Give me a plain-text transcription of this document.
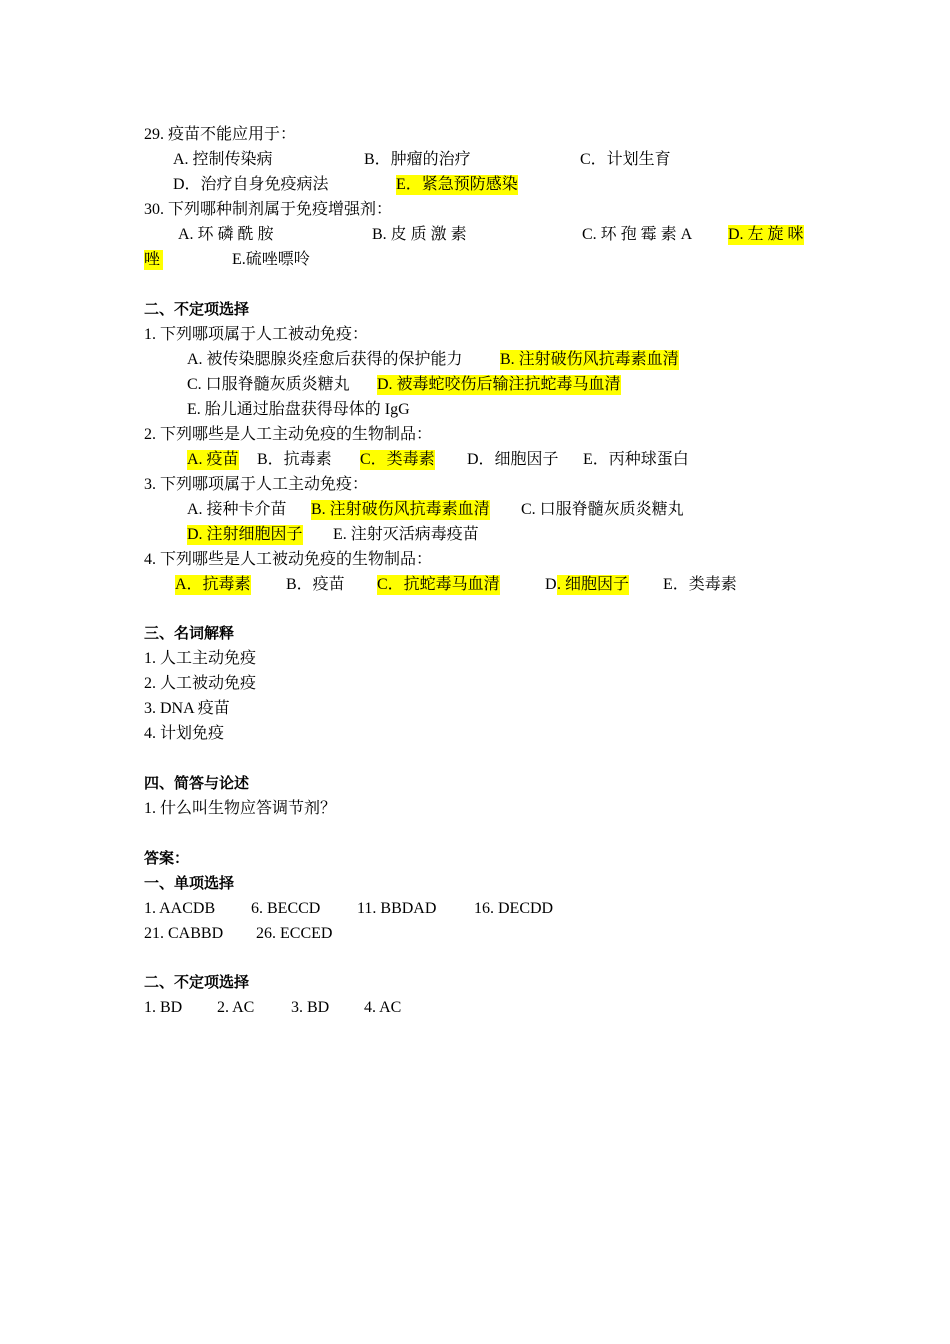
29. 疫苗不能应用于：

A. 控制传染病

	B．肿瘤的治疗

	C．计划生育

D．治疗自身免疫病法

	E．紧急预防感染

30. 下列哪种制剂属于免疫增强剂：

A. 环 磷 酰 胺

	B. 皮 质 激 素

	C. 环 孢 霉 素 A

D. 左 旋 咪

唑

	E.硫唑嘌呤

二、不定项选择
1. 下列哪项属于人工被动免疫：

A. 被传染腮腺炎痊愈后获得的保护能力

B. 注射破伤风抗毒素血清

C. 口服脊髓灰质炎糖丸

D. 被毒蛇咬伤后输注抗蛇毒马血清

E. 胎儿通过胎盘获得母体的 IgG

2. 下列哪些是人工主动免疫的生物制品：

A. 疫苗

B．抗毒素

C．类毒素

D．细胞因子

E．丙种球蛋白

3. 下列哪项属于人工主动免疫：

A. 接种卡介苗

B. 注射破伤风抗毒素血清

C. 口服脊髓灰质炎糖丸

D. 注射细胞因子

E. 注射灭活病毒疫苗

4. 下列哪些是人工被动免疫的生物制品：

A．抗毒素

B．疫苗

C．抗蛇毒马血清

	D

. 细胞因子

E．类毒素

三、名词解释
1. 人工主动免疫
2. 人工被动免疫
3. DNA 疫苗
4. 计划免疫
四、简答与论述
1. 什么叫生物应答调节剂？
答案：
一、单项选择

1. AACDB

6. BECCD

11. BBDAD

16. DECDD

21. CABBD

26. ECCED

二、不定项选择

1. BD

2. AC

3. BD

4. AC
